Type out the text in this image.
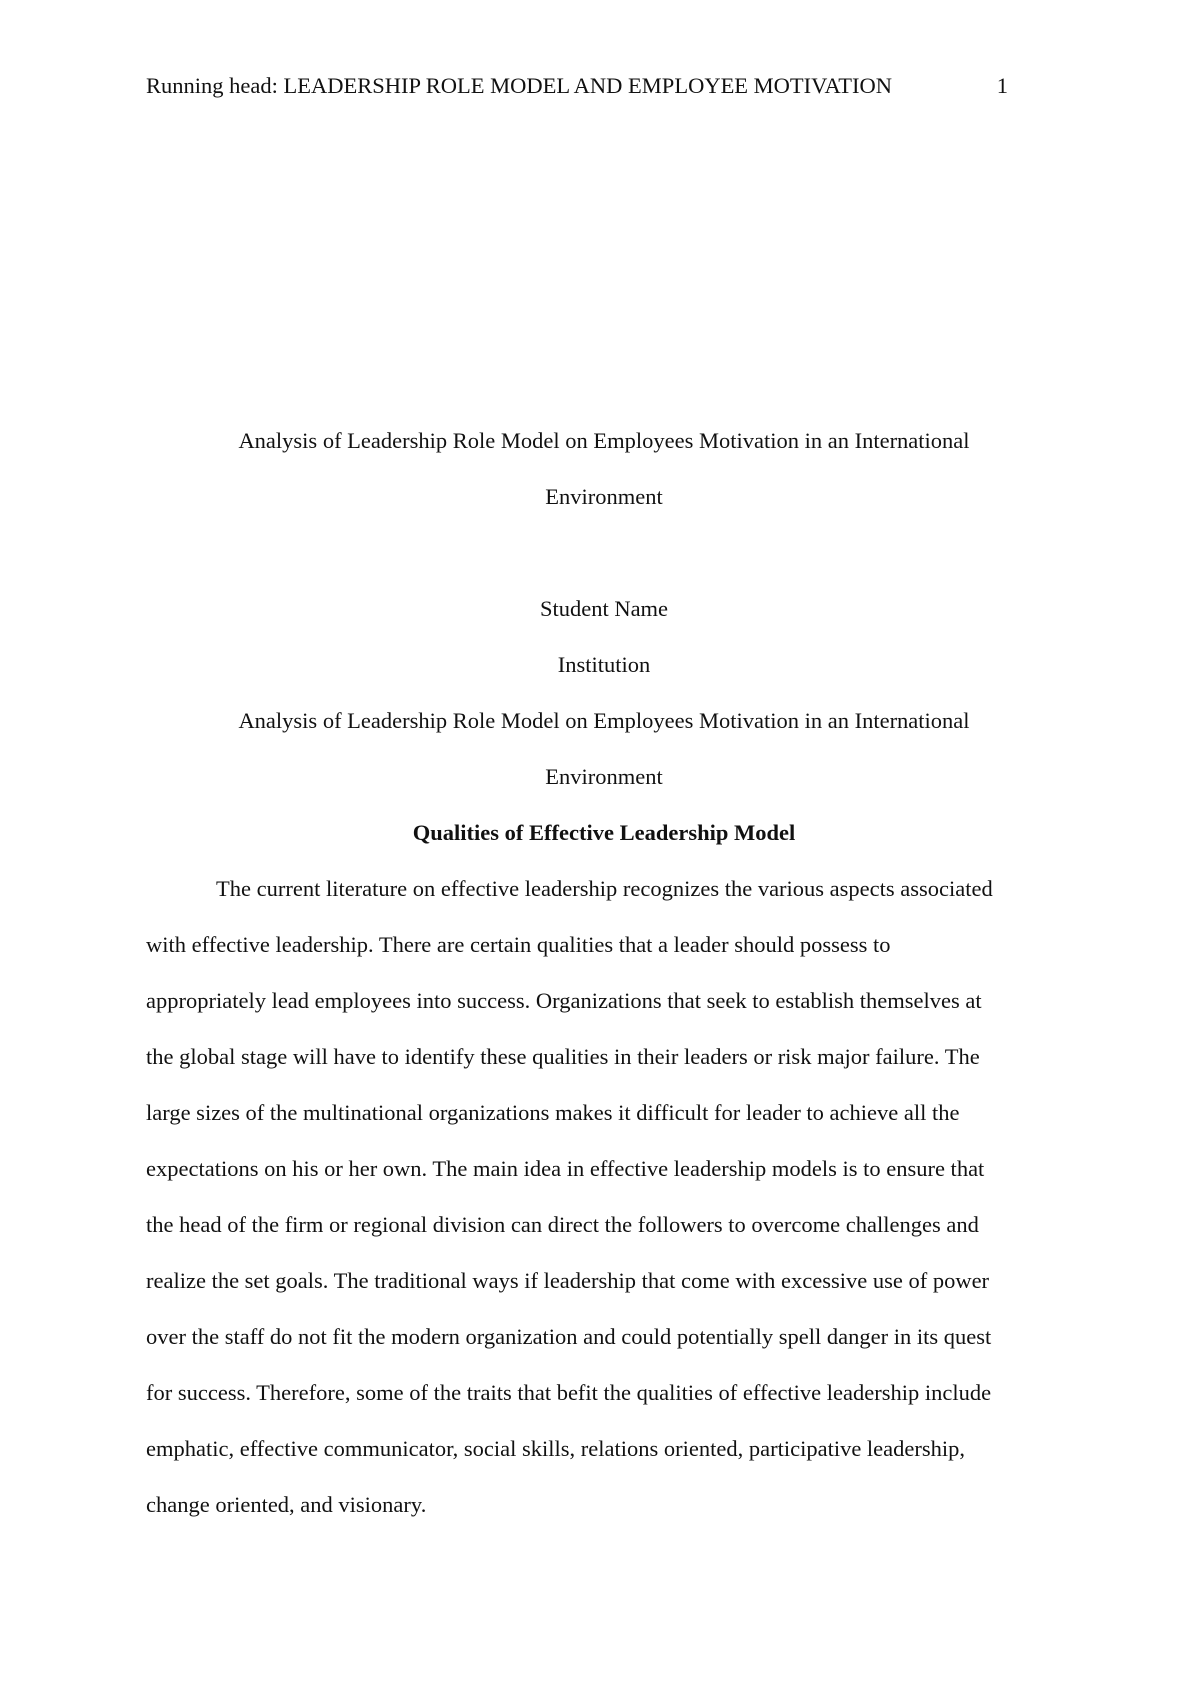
Running head: LEADERSHIP ROLE MODEL AND EMPLOYEE MOTIVATION	1
Analysis of Leadership Role Model on Employees Motivation in an International
Environment
Student Name
Institution
Analysis of Leadership Role Model on Employees Motivation in an International
Environment
Qualities of Effective Leadership Model
The current literature on effective leadership recognizes the various aspects associated
with effective leadership. There are certain qualities that a leader should possess to
appropriately lead employees into success. Organizations that seek to establish themselves at
the global stage will have to identify these qualities in their leaders or risk major failure. The
large sizes of the multinational organizations makes it difficult for leader to achieve all the
expectations on his or her own. The main idea in effective leadership models is to ensure that
the head of the firm or regional division can direct the followers to overcome challenges and
realize the set goals. The traditional ways if leadership that come with excessive use of power
over the staff do not fit the modern organization and could potentially spell danger in its quest
for success. Therefore, some of the traits that befit the qualities of effective leadership include
emphatic, effective communicator, social skills, relations oriented, participative leadership,
change oriented, and visionary.
